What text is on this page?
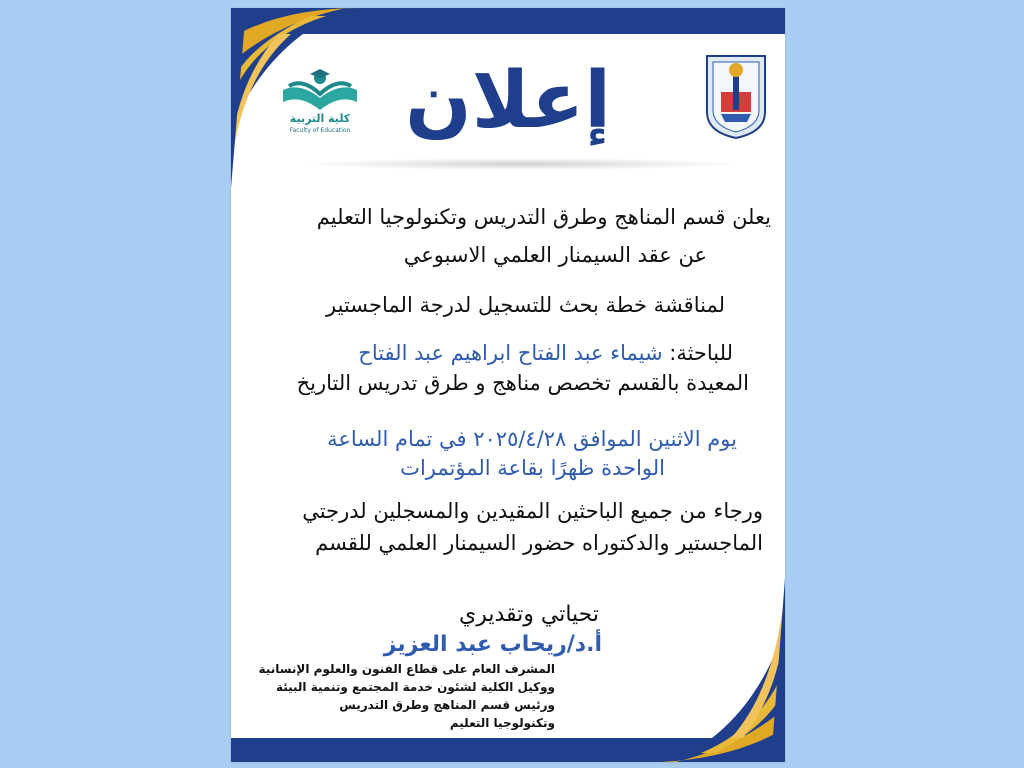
كلية التربية
Faculty of Education إعلان
يعلن قسم المناهج وطرق التدريس وتكنولوجيا التعليم
عن عقد السيمنار العلمي الاسبوعي
لمناقشة خطة بحث للتسجيل لدرجة الماجستير
للباحثة: شيماء عبد الفتاح ابراهيم عبد الفتاح
المعيدة بالقسم تخصص مناهج و طرق تدريس التاريخ
يوم الاثنين الموافق ٢٠٢٥/٤/٢٨ في تمام الساعة
الواحدة ظهرًا بقاعة المؤتمرات
ورجاء من جميع الباحثين المقيدين والمسجلين لدرجتي
الماجستير والدكتوراه حضور السيمنار العلمي للقسم
تحياتي وتقديري
أ.د/ريحاب عبد العزيز
المشرف العام على قطاع الفنون والعلوم الإنسانية
ووكيل الكلية لشئون خدمة المجتمع وتنمية البيئة
ورئيس قسم المناهج وطرق التدريس
وتكنولوجيا التعليم
